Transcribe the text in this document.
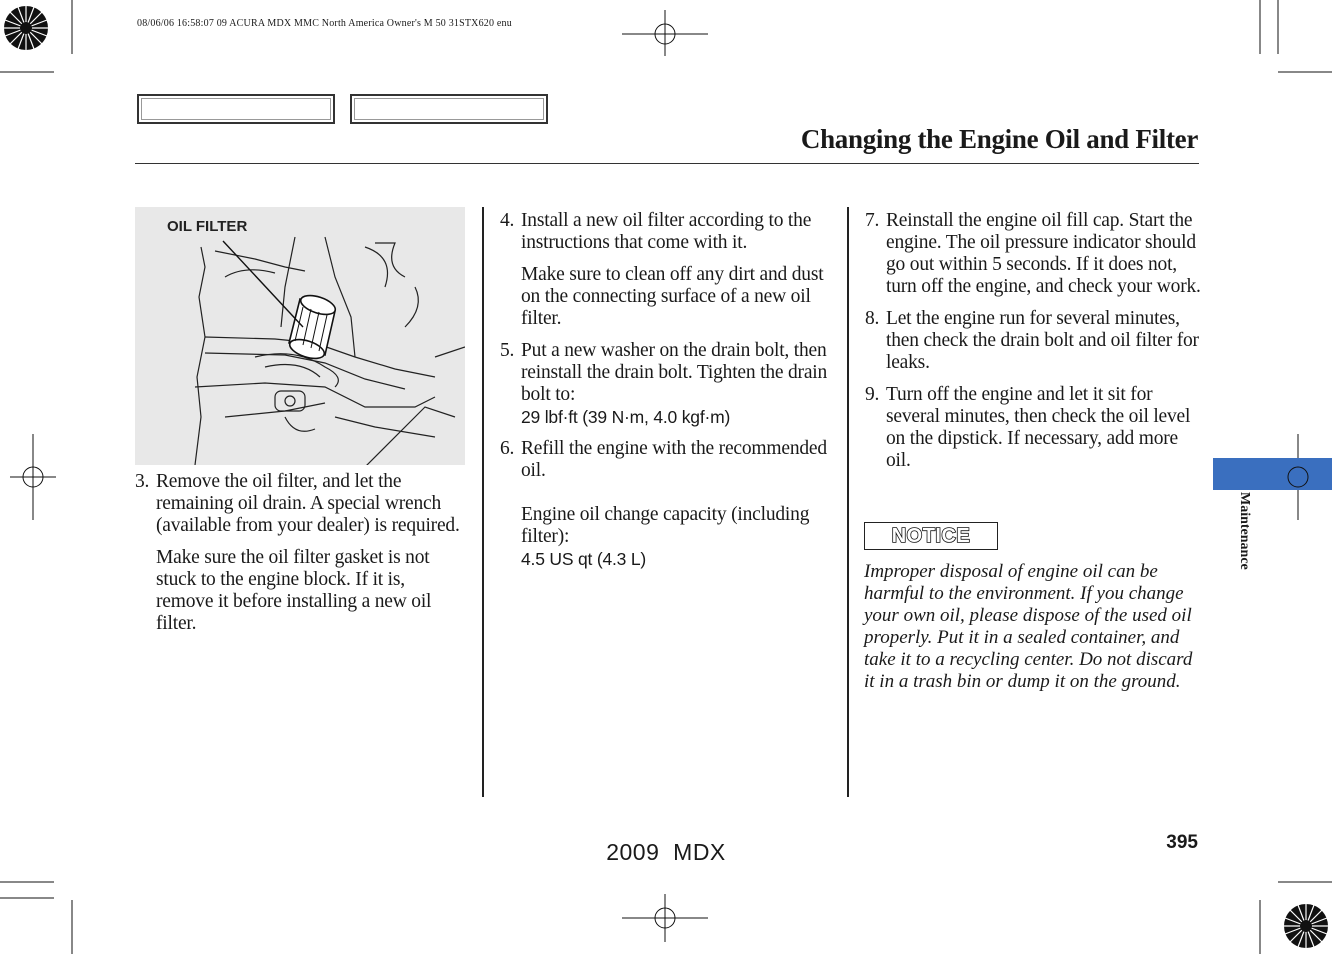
08/06/06 16:58:07 09 ACURA MDX MMC North America Owner's M 50 31STX620 enu
Changing the Engine Oil and Filter
OIL FILTER
3. Remove the oil filter, and let the remaining oil drain. A special wrench (available from your dealer) is required.
Make sure the oil filter gasket is not stuck to the engine block. If it is, remove it before installing a new oil filter.
4. Install a new oil filter according to the instructions that come with it.
Make sure to clean off any dirt and dust on the connecting surface of a new oil filter.
5. Put a new washer on the drain bolt, then reinstall the drain bolt. Tighten the drain bolt to:
29 lbf·ft (39 N·m, 4.0 kgf·m)
6. Refill the engine with the recommended oil.
Engine oil change capacity (including filter):
4.5 US qt (4.3 L)
7. Reinstall the engine oil fill cap. Start the engine. The oil pressure indicator should go out within 5 seconds. If it does not, turn off the engine, and check your work.
8. Let the engine run for several minutes, then check the drain bolt and oil filter for leaks.
9. Turn off the engine and let it sit for several minutes, then check the oil level on the dipstick. If necessary, add more oil.
NOTICE
Improper disposal of engine oil can be harmful to the environment. If you change your own oil, please dispose of the used oil properly. Put it in a sealed container, and take it to a recycling center. Do not discard it in a trash bin or dump it on the ground.
Maintenance
395
2009  MDX
